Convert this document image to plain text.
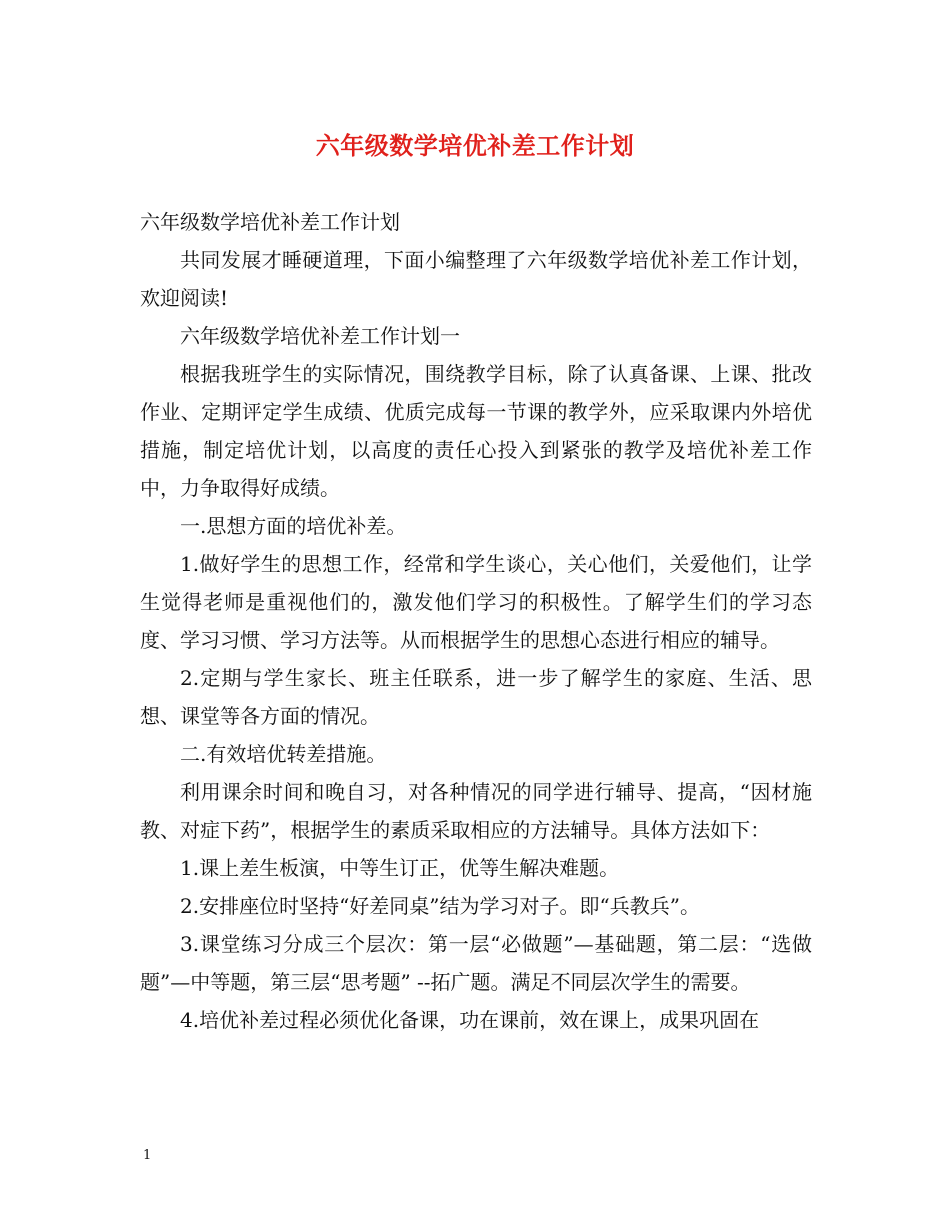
六年级数学培优补差工作计划

六年级数学培优补差工作计划

共同发展才睡硬道理，下面小编整理了六年级数学培优补差工作计划，欢迎阅读!

六年级数学培优补差工作计划一

根据我班学生的实际情况，围绕教学目标，除了认真备课、上课、批改作业、定期评定学生成绩、优质完成每一节课的教学外，应采取课内外培优措施，制定培优计划，以高度的责任心投入到紧张的教学及培优补差工作中，力争取得好成绩。

一.思想方面的培优补差。

1.做好学生的思想工作，经常和学生谈心，关心他们，关爱他们，让学生觉得老师是重视他们的，激发他们学习的积极性。了解学生们的学习态度、学习习惯、学习方法等。从而根据学生的思想心态进行相应的辅导。

2.定期与学生家长、班主任联系，进一步了解学生的家庭、生活、思想、课堂等各方面的情况。

二.有效培优转差措施。

利用课余时间和晚自习，对各种情况的同学进行辅导、提高，“因材施教、对症下药”，根据学生的素质采取相应的方法辅导。具体方法如下：

1.课上差生板演，中等生订正，优等生解决难题。

2.安排座位时坚持“好差同桌”结为学习对子。即“兵教兵”。

3.课堂练习分成三个层次：第一层“必做题”—基础题，第二层：“选做题”—中等题，第三层“思考题” --拓广题。满足不同层次学生的需要。

4.培优补差过程必须优化备课，功在课前，效在课上，成果巩固在

1
